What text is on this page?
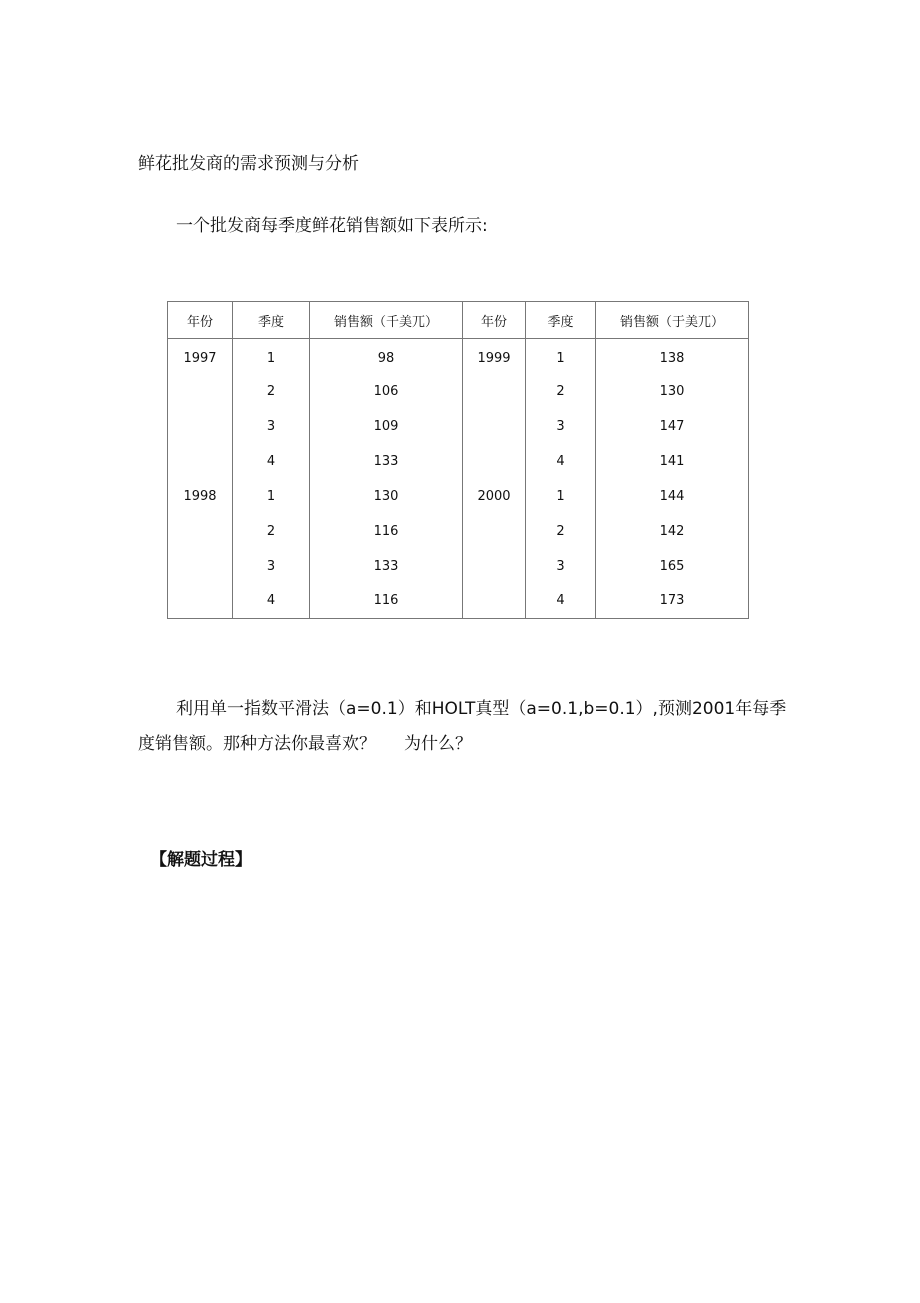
鲜花批发商的需求预测与分析
一个批发商每季度鲜花销售额如下表所示:
年份	季度	销售额（千美兀）	年份	季度	销售额（于美兀）
1997	1	98	1999	1	138
	2	106		2	130
	3	109		3	147
	4	133		4	141
1998	1	130	2000	1	144
	2	116		2	142
	3	133		3	165
	4	116		4	173
利用单一指数平滑法（a=0.1）和HOLT真型（a=0.1,b=0.1）,预测2001年每季
度销售额。那种方法你最喜欢？ 为什么？
【解题过程】
